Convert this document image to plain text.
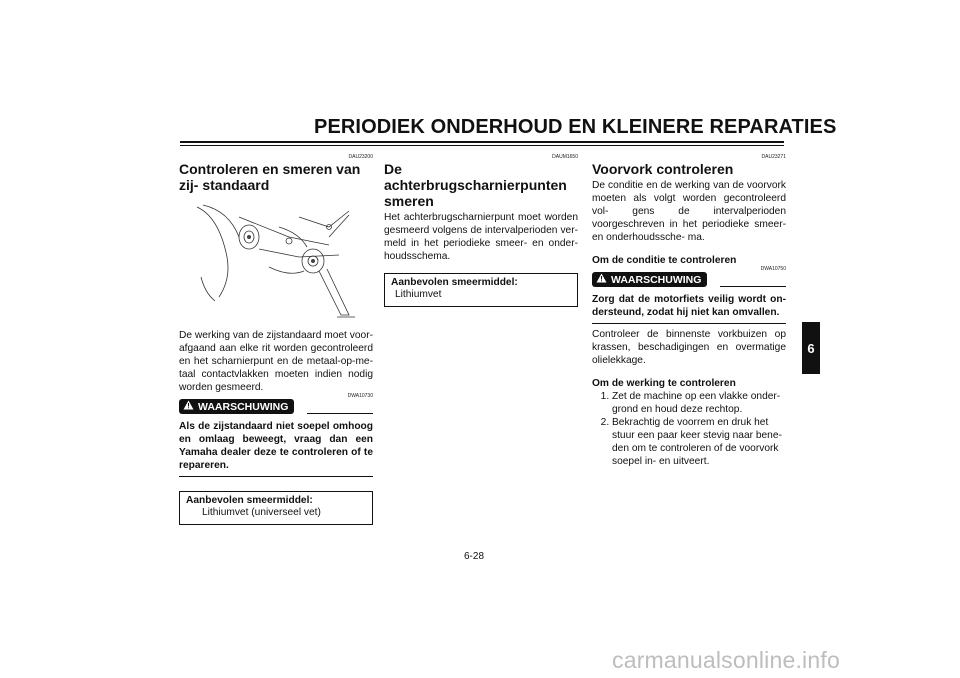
PERIODIEK ONDERHOUD EN KLEINERE REPARATIES
6
DAU23200
Controleren en smeren van zij- standaard
De werking van de zijstandaard moet voor- afgaand aan elke rit worden gecontroleerd en het scharnierpunt en de metaal-op-me- taal contactvlakken moeten indien nodig worden gesmeerd.
WAARSCHUWING
DWA10730
Als de zijstandaard niet soepel omhoog en omlaag beweegt, vraag dan een Yamaha dealer deze te controleren of te repareren.
Aanbevolen smeermiddel:
Lithiumvet (universeel vet)
DAUM1650
De achterbrugscharnierpunten smeren
Het achterbrugscharnierpunt moet worden gesmeerd volgens de intervalperioden ver- meld in het periodieke smeer- en onder- houdsschema.
Aanbevolen smeermiddel:
Lithiumvet
DAU23271
Voorvork controleren
De conditie en de werking van de voorvork moeten als volgt worden gecontroleerd vol- gens de intervalperioden voorgeschreven in het periodieke smeer- en onderhoudssche- ma.
Om de conditie te controleren
WAARSCHUWING
DWA10750
Zorg dat de motorfiets veilig wordt on- dersteund, zodat hij niet kan omvallen.
Controleer de binnenste vorkbuizen op krassen, beschadigingen en overmatige olielekkage.
Om de werking te controleren
1. Zet de machine op een vlakke onder- grond en houd deze rechtop.
2. Bekrachtig de voorrem en druk het stuur een paar keer stevig naar bene- den om te controleren of de voorvork soepel in- en uitveert.
6-28
carmanualsonline.info
